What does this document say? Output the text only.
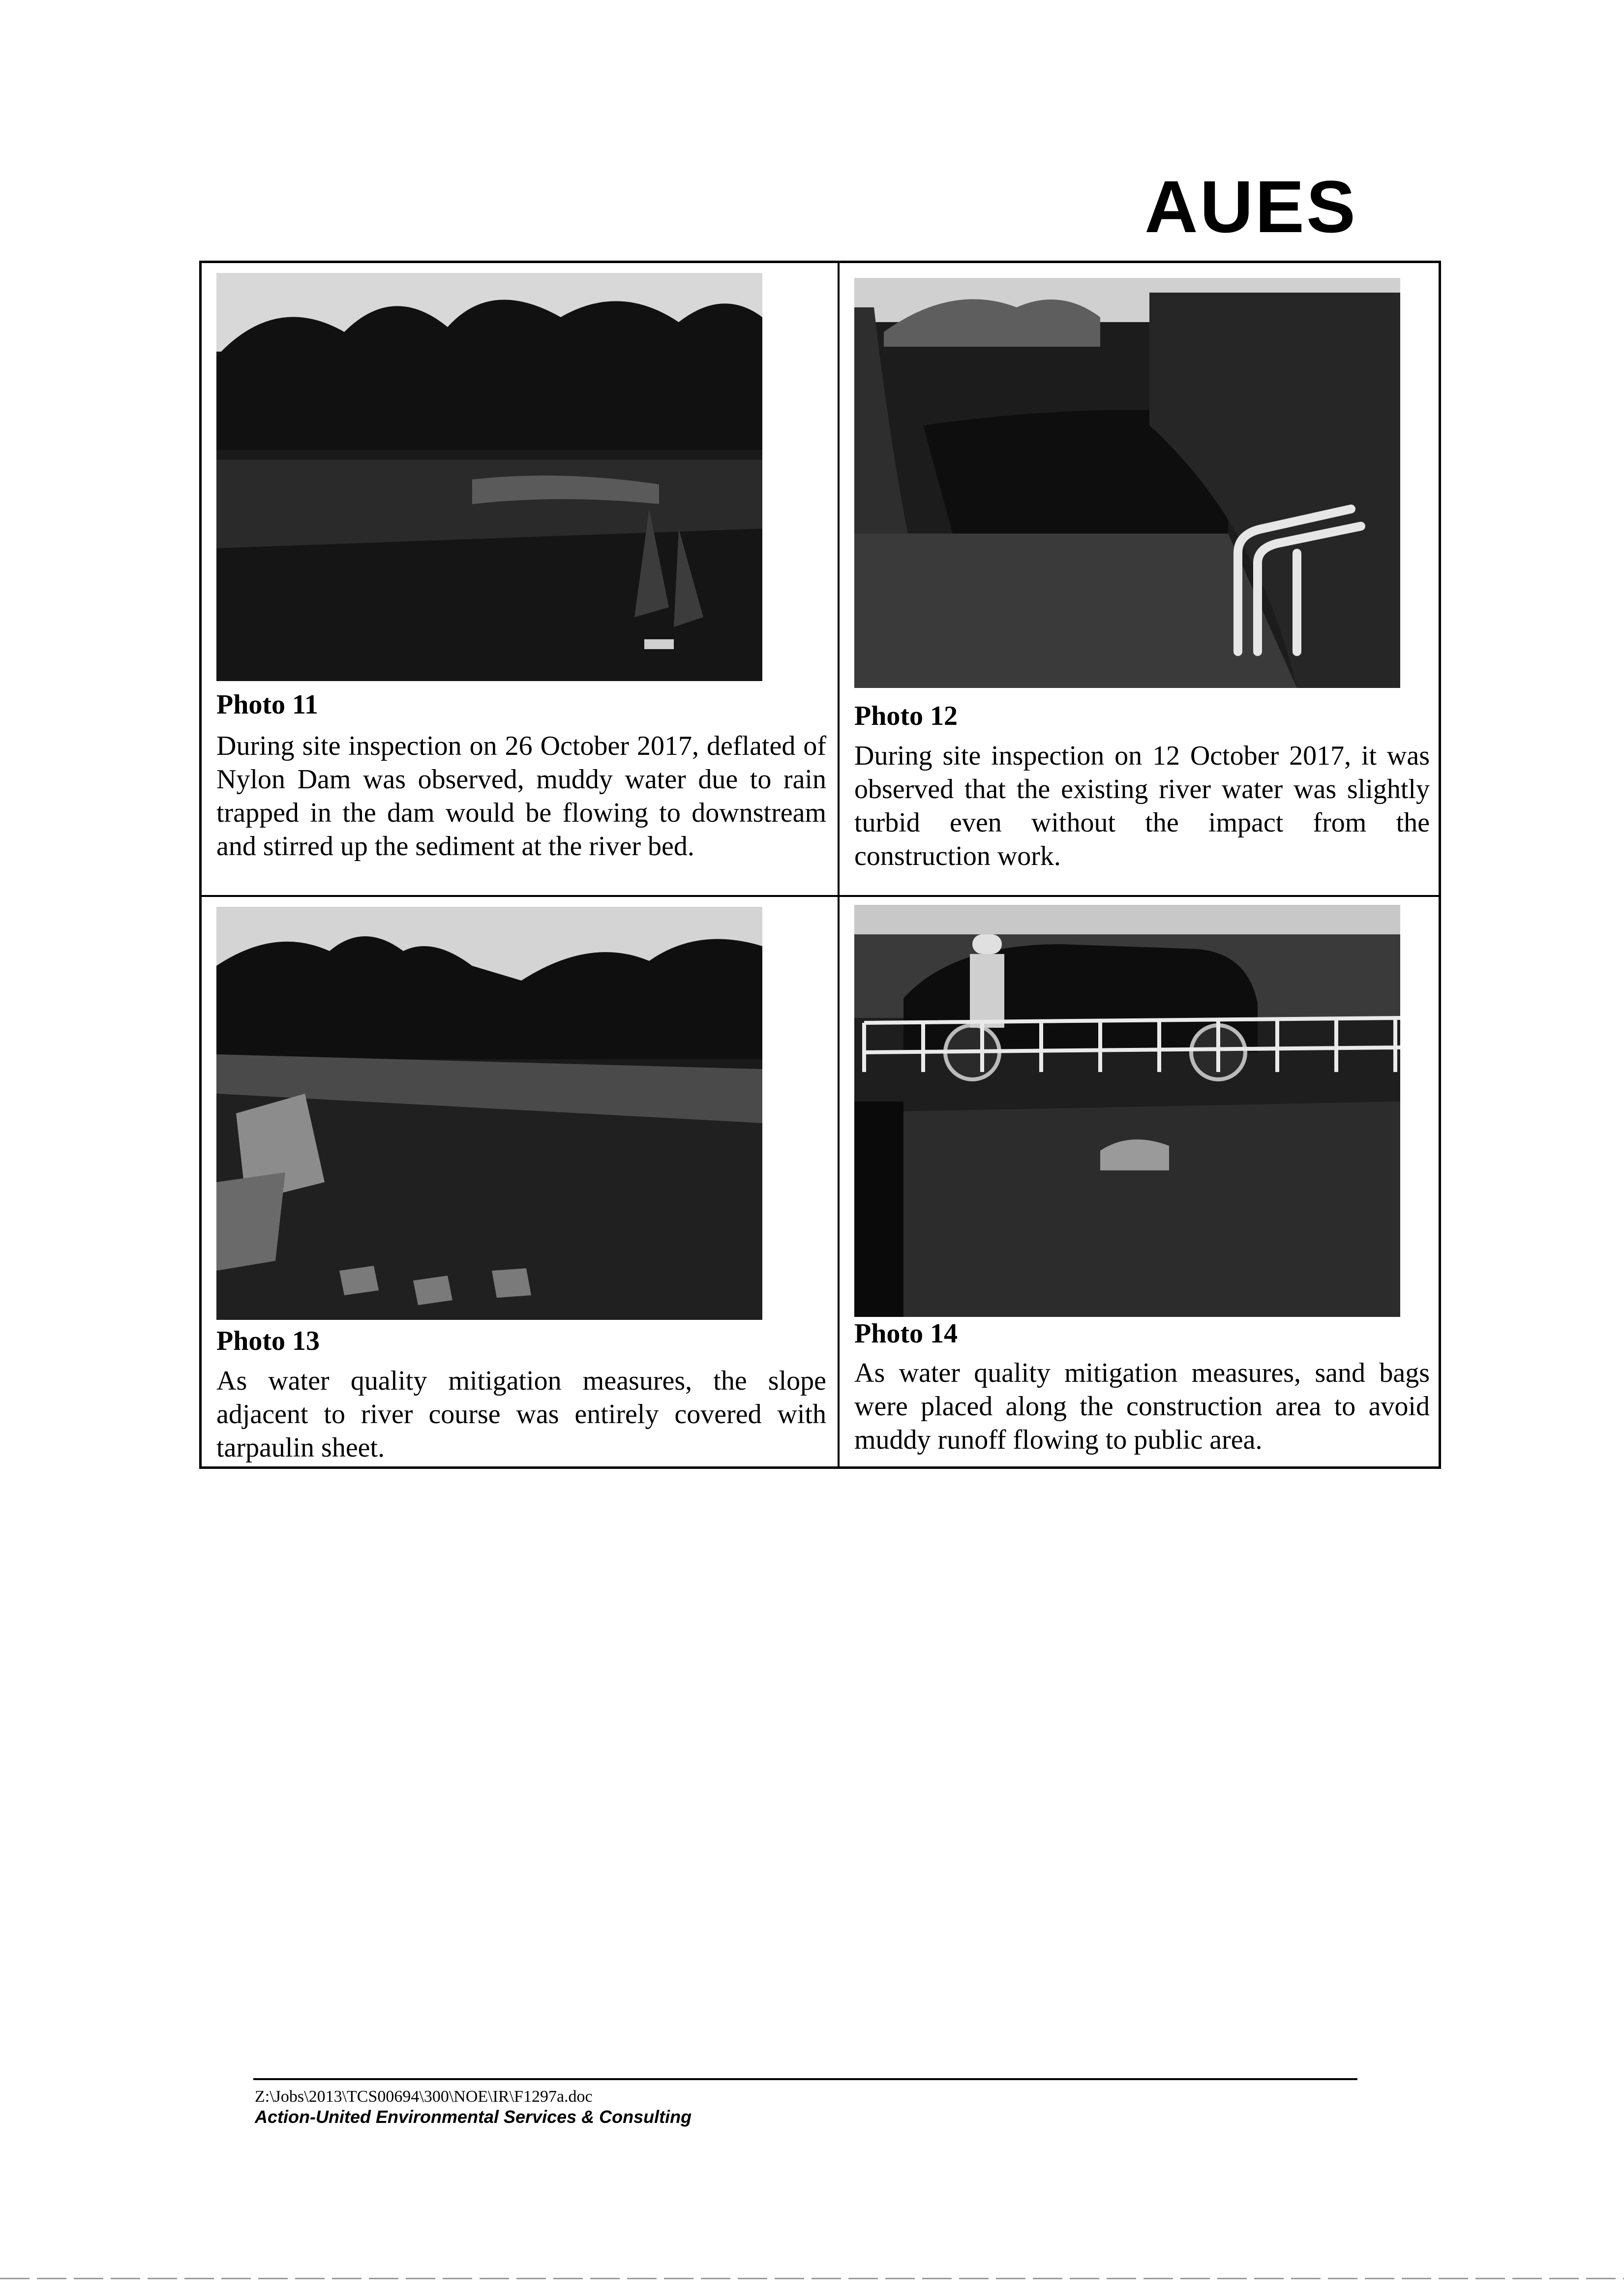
AUES
Photo 11
During site inspection on 26 October 2017, deflated of Nylon Dam was observed, muddy water due to rain trapped in the dam would be flowing to downstream and stirred up the sediment at the river bed.
Photo 12
During site inspection on 12 October 2017, it was observed that the existing river water was slightly turbid even without the impact from the construction work.
Photo 13
As water quality mitigation measures, the slope adjacent to river course was entirely covered with tarpaulin sheet.
Photo 14
As water quality mitigation measures, sand bags were placed along the construction area to avoid muddy runoff flowing to public area.
Z:\Jobs\2013\TCS00694\300\NOE\IR\F1297a.doc
Action-United Environmental Services & Consulting
